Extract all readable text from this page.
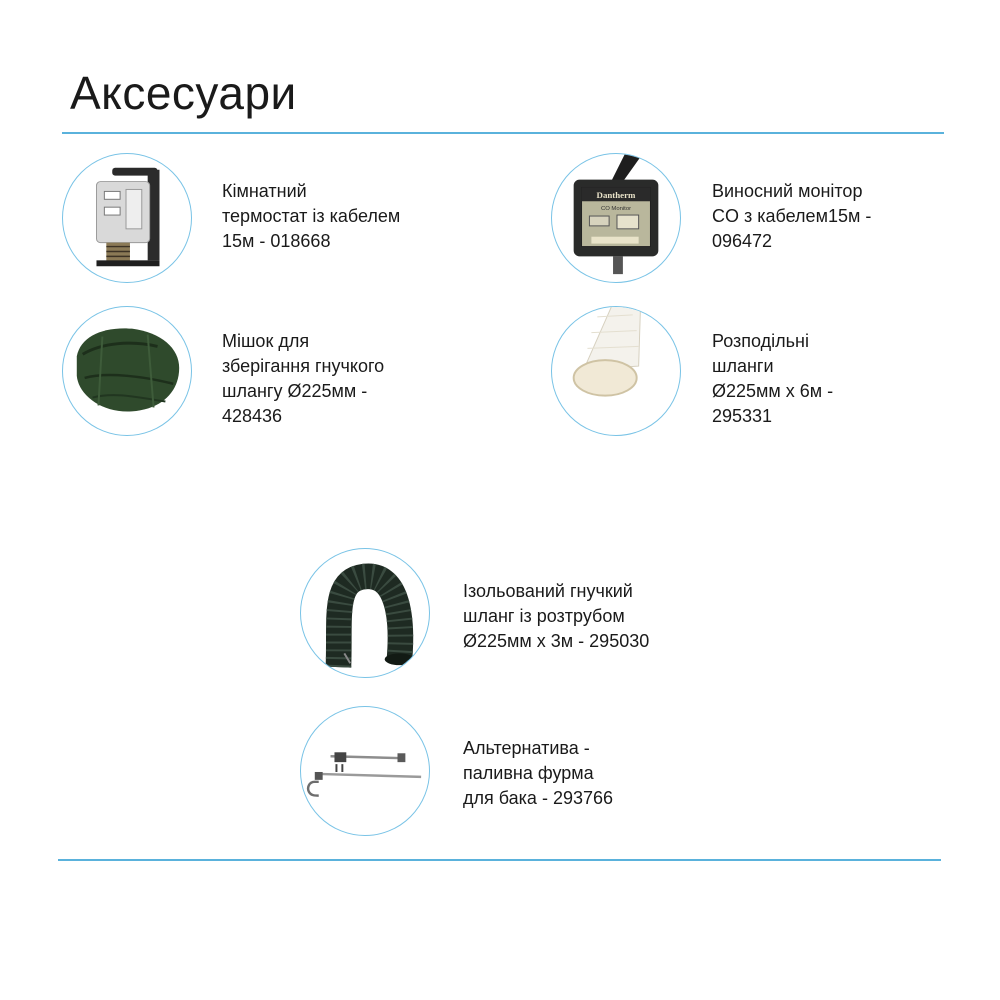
Аксесуари

Кімнатний
термостат із кабелем
15м - 018668

Dantherm
CO Monitor

Виносний монітор
CO з кабелем15м -
096472

Мішок для
зберігання гнучкого
шлангу Ø225мм -
428436

Розподільні
шланги
Ø225мм x 6м -
295331

Ізольований гнучкий
шланг із розтрубом
Ø225мм x 3м - 295030

Альтернатива -
паливна фурма
для бака - 293766
